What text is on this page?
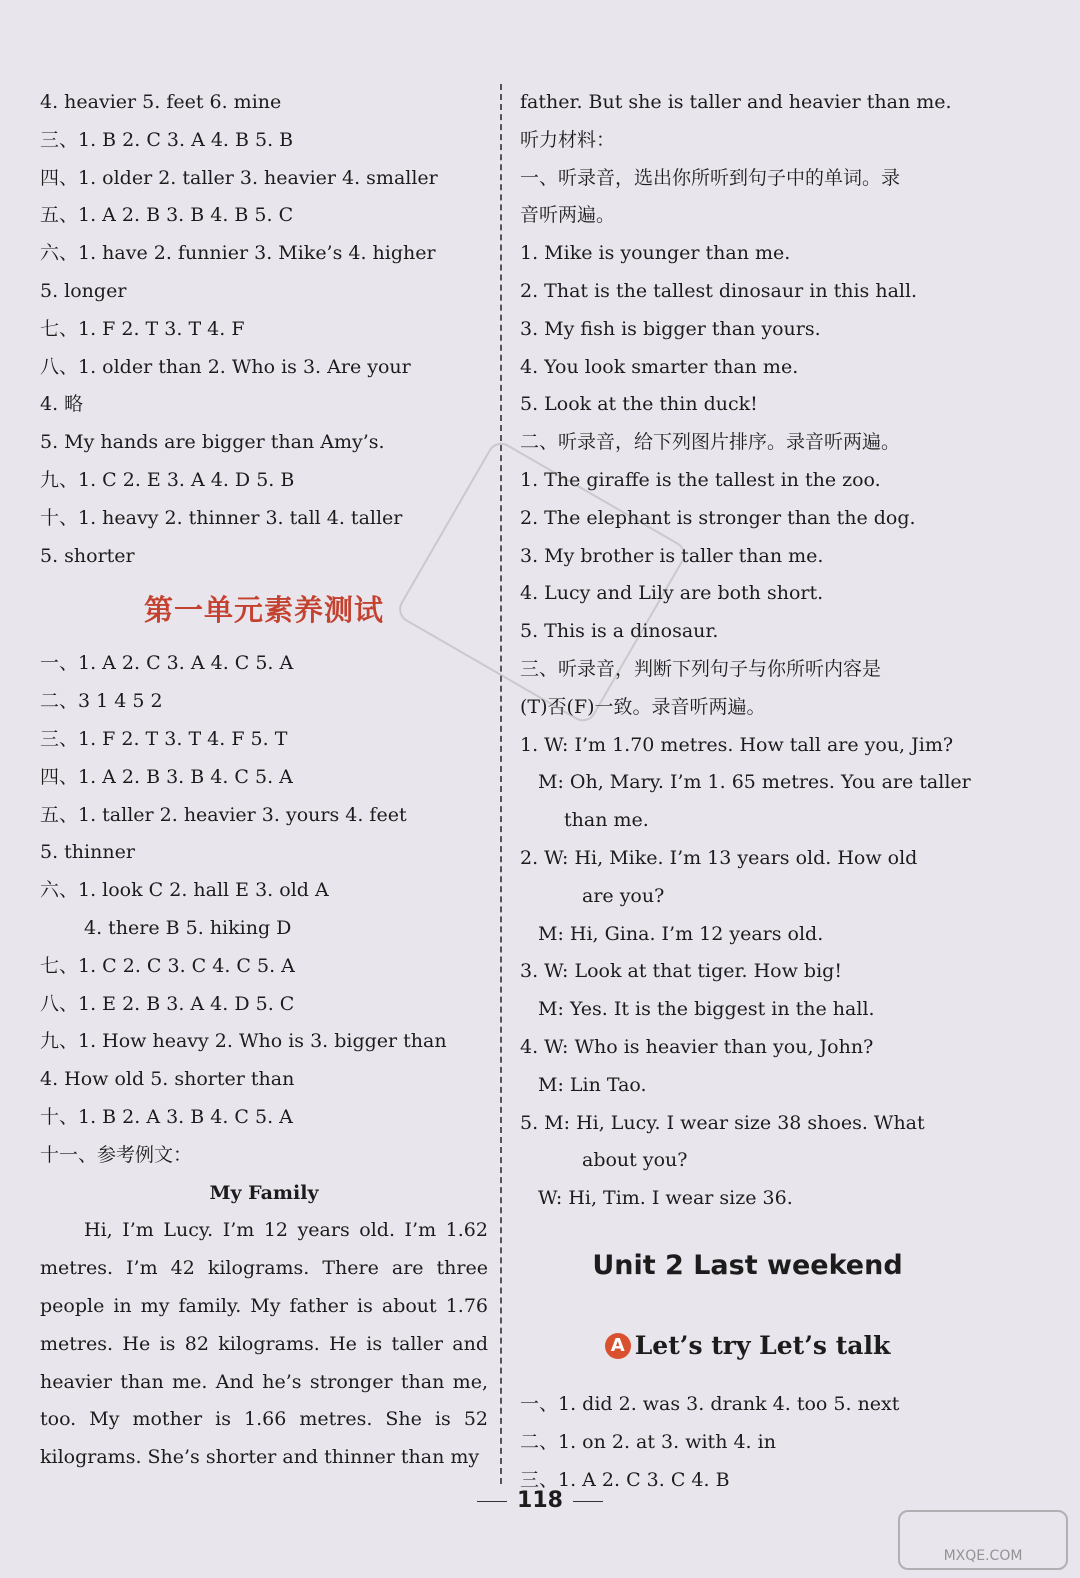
4. heavier 5. feet 6. mine
三、1. B 2. C 3. A 4. B 5. B
四、1. older 2. taller 3. heavier 4. smaller
五、1. A 2. B 3. B 4. B 5. C
六、1. have 2. funnier 3. Mike’s 4. higher
5. longer
七、1. F 2. T 3. T 4. F
八、1. older than 2. Who is 3. Are your
4. 略
5. My hands are bigger than Amy’s.
九、1. C 2. E 3. A 4. D 5. B
十、1. heavy 2. thinner 3. tall 4. taller
5. shorter
第一单元素养测试
一、1. A 2. C 3. A 4. C 5. A
二、3 1 4 5 2
三、1. F 2. T 3. T 4. F 5. T
四、1. A 2. B 3. B 4. C 5. A
五、1. taller 2. heavier 3. yours 4. feet
5. thinner
六、1. look C 2. hall E 3. old A
4. there B 5. hiking D
七、1. C 2. C 3. C 4. C 5. A
八、1. E 2. B 3. A 4. D 5. C
九、1. How heavy 2. Who is 3. bigger than
4. How old 5. shorter than
十、1. B 2. A 3. B 4. C 5. A
十一、参考例文：
My Family
Hi, I’m Lucy. I’m 12 years old. I’m 1.62 metres. I’m 42 kilograms. There are three people in my family. My father is about 1.76 metres. He is 82 kilograms. He is taller and heavier than me. And he’s stronger than me, too. My mother is 1.66 metres. She is 52 kilograms. She’s shorter and thinner than my
father. But she is taller and heavier than me.
听力材料：
一、听录音，选出你所听到句子中的单词。录
音听两遍。
1. Mike is younger than me.
2. That is the tallest dinosaur in this hall.
3. My fish is bigger than yours.
4. You look smarter than me.
5. Look at the thin duck!
二、听录音，给下列图片排序。录音听两遍。
1. The giraffe is the tallest in the zoo.
2. The elephant is stronger than the dog.
3. My brother is taller than me.
4. Lucy and Lily are both short.
5. This is a dinosaur.
三、听录音，判断下列句子与你所听内容是
(T)否(F)一致。录音听两遍。
1. W: I’m 1.70 metres. How tall are you, Jim?
M: Oh, Mary. I’m 1. 65 metres. You are taller
than me.
2. W: Hi, Mike. I’m 13 years old. How old
are you?
M: Hi, Gina. I’m 12 years old.
3. W: Look at that tiger. How big!
M: Yes. It is the biggest in the hall.
4. W: Who is heavier than you, John?
M: Lin Tao.
5. M: Hi, Lucy. I wear size 38 shoes. What
about you?
W: Hi, Tim. I wear size 36.
Unit 2 Last weekend
A Let’s try Let’s talk
一、1. did 2. was 3. drank 4. too 5. next
二、1. on 2. at 3. with 4. in
三、1. A 2. C 3. C 4. B
118
MXQE.COM
